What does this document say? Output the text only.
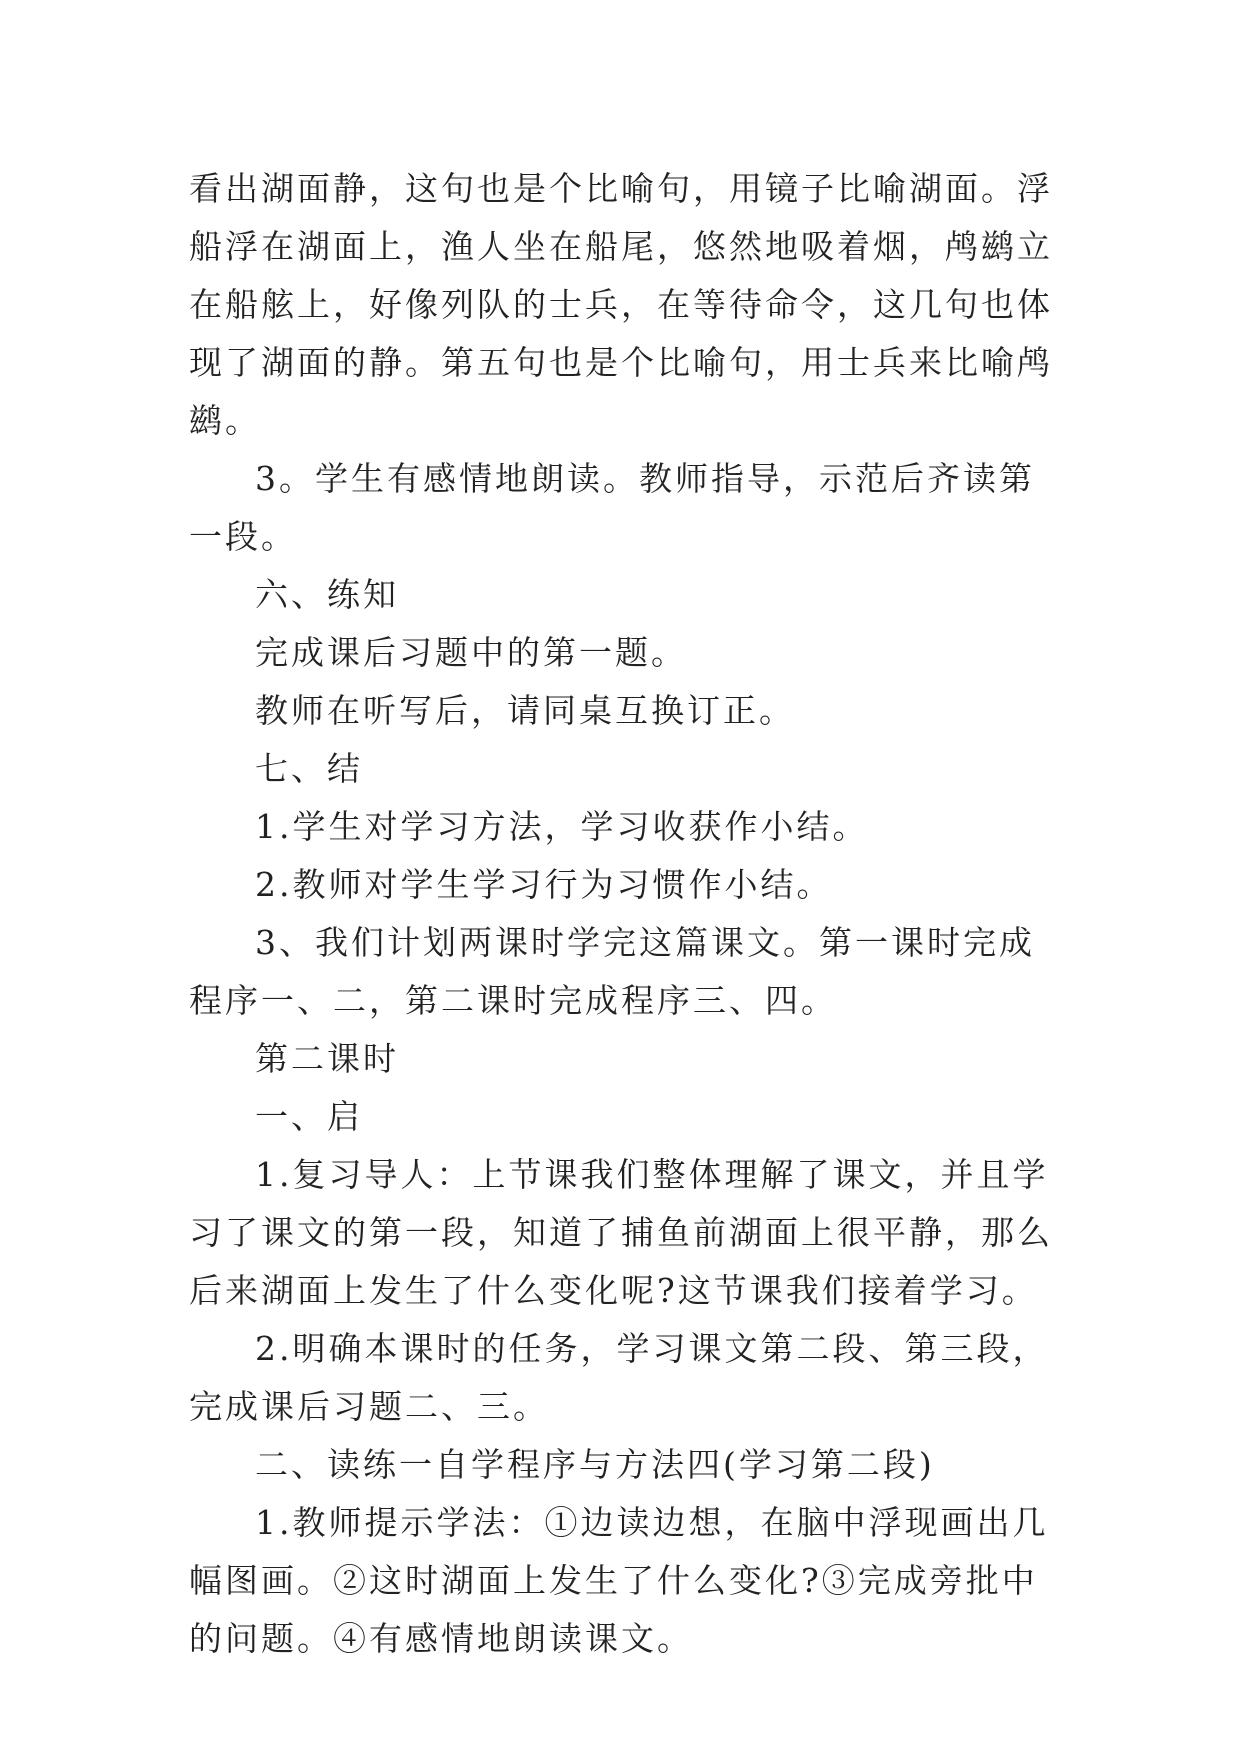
看出湖面静，这句也是个比喻句，用镜子比喻湖面。浮船浮在湖面上，渔人坐在船尾，悠然地吸着烟，鸬鹚立在船舷上，好像列队的士兵，在等待命令，这几句也体现了湖面的静。第五句也是个比喻句，用士兵来比喻鸬鹚。

3。学生有感情地朗读。教师指导，示范后齐读第一段。

六、练知

完成课后习题中的第一题。

教师在听写后，请同桌互换订正。

七、结

1.学生对学习方法，学习收获作小结。

2.教师对学生学习行为习惯作小结。

3、我们计划两课时学完这篇课文。第一课时完成程序一、二，第二课时完成程序三、四。

第二课时

一、启

1.复习导人：上节课我们整体理解了课文，并且学习了课文的第一段，知道了捕鱼前湖面上很平静，那么后来湖面上发生了什么变化呢?这节课我们接着学习。

2.明确本课时的任务，学习课文第二段、第三段，完成课后习题二、三。

二、读练一自学程序与方法四(学习第二段)

1.教师提示学法：①边读边想，在脑中浮现画出几幅图画。②这时湖面上发生了什么变化?③完成旁批中的问题。④有感情地朗读课文。
